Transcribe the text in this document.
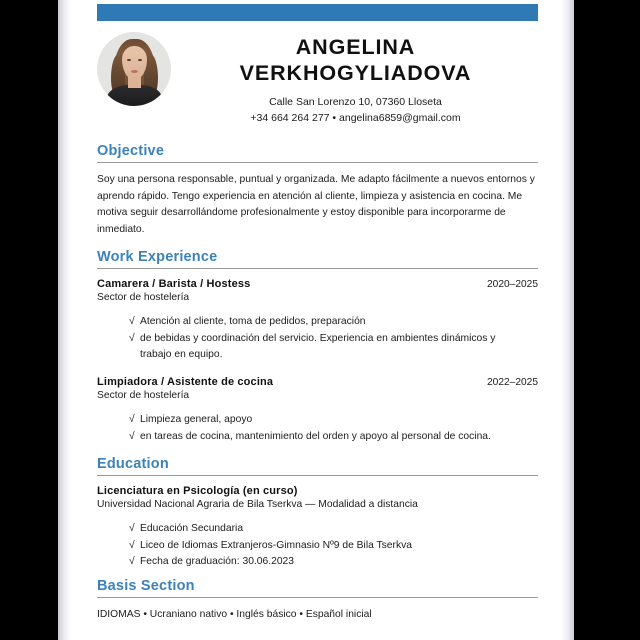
ANGELINA
VERKHOGYLIADOVA
Calle San Lorenzo 10, 07360 Lloseta
+34 664 264 277 • angelina6859@gmail.com
Objective

Soy una persona responsable, puntual y organizada. Me adapto fácilmente a nuevos entornos y aprendo rápido. Tengo experiencia en atención al cliente, limpieza y asistencia en cocina. Me motiva seguir desarrollándome profesionalmente y estoy disponible para incorporarme de inmediato.

Work Experience
Camarera / Barista / Hostess	2020–2025
Sector de hostelería
√ Atención al cliente, toma de pedidos, preparación
√ de bebidas y coordinación del servicio. Experiencia en ambientes dinámicos y
trabajo en equipo.
Limpiadora / Asistente de cocina	2022–2025
Sector de hostelería
√ Limpieza general, apoyo
√ en tareas de cocina, mantenimiento del orden y apoyo al personal de cocina.
Education
Licenciatura en Psicología (en curso)
Universidad Nacional Agraria de Bila Tserkva — Modalidad a distancia
√ Educación Secundaria
√ Liceo de Idiomas Extranjeros-Gimnasio Nº9 de Bila Tserkva
√ Fecha de graduación: 30.06.2023
Basis Section

IDIOMAS • Ucraniano nativo • Inglés básico • Español inicial
